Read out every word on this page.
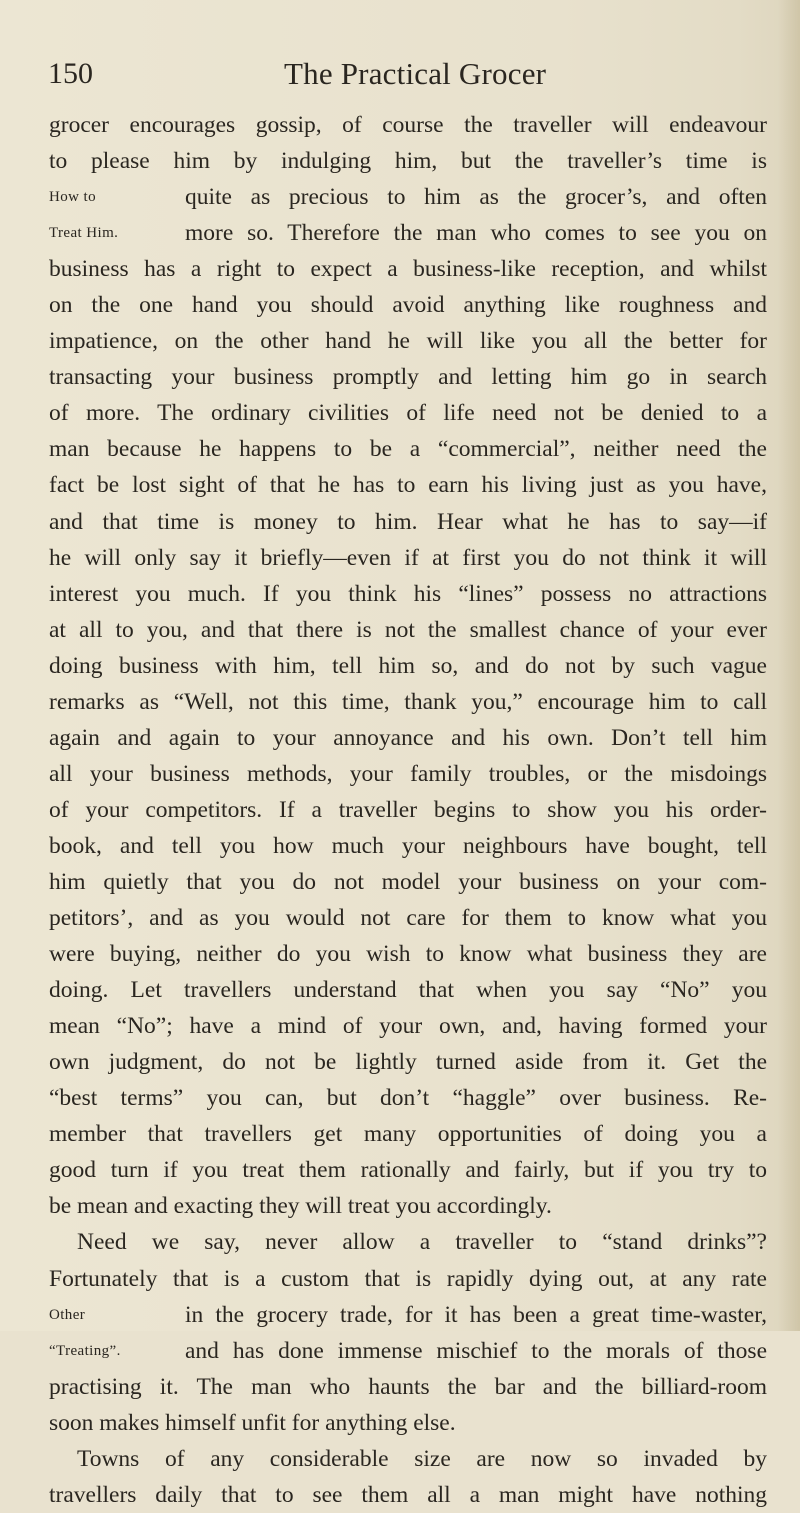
150	The Practical Grocer
grocer encourages gossip, of course the traveller will endeavour
to please him by indulging him, but the traveller’s time is
How to	quite as precious to him as the grocer’s, and often
Treat Him.	more so. Therefore the man who comes to see you on
business has a right to expect a business-like reception, and whilst
on the one hand you should avoid anything like roughness and
impatience, on the other hand he will like you all the better for
transacting your business promptly and letting him go in search
of more. The ordinary civilities of life need not be denied to a
man because he happens to be a “commercial”, neither need the
fact be lost sight of that he has to earn his living just as you have,
and that time is money to him. Hear what he has to say—if
he will only say it briefly—even if at first you do not think it will
interest you much. If you think his “lines” possess no attractions
at all to you, and that there is not the smallest chance of your ever
doing business with him, tell him so, and do not by such vague
remarks as “Well, not this time, thank you,” encourage him to call
again and again to your annoyance and his own. Don’t tell him
all your business methods, your family troubles, or the misdoings
of your competitors. If a traveller begins to show you his order-
book, and tell you how much your neighbours have bought, tell
him quietly that you do not model your business on your com-
petitors’, and as you would not care for them to know what you
were buying, neither do you wish to know what business they are
doing. Let travellers understand that when you say “No” you
mean “No”; have a mind of your own, and, having formed your
own judgment, do not be lightly turned aside from it. Get the
“best terms” you can, but don’t “haggle” over business. Re-
member that travellers get many opportunities of doing you a
good turn if you treat them rationally and fairly, but if you try to
be mean and exacting they will treat you accordingly.
Need we say, never allow a traveller to “stand drinks”?
Fortunately that is a custom that is rapidly dying out, at any rate
Other	in the grocery trade, for it has been a great time-waster,
“Treating”.	and has done immense mischief to the morals of those
practising it. The man who haunts the bar and the billiard-room
soon makes himself unfit for anything else.
Towns of any considerable size are now so invaded by
travellers daily that to see them all a man might have nothing
